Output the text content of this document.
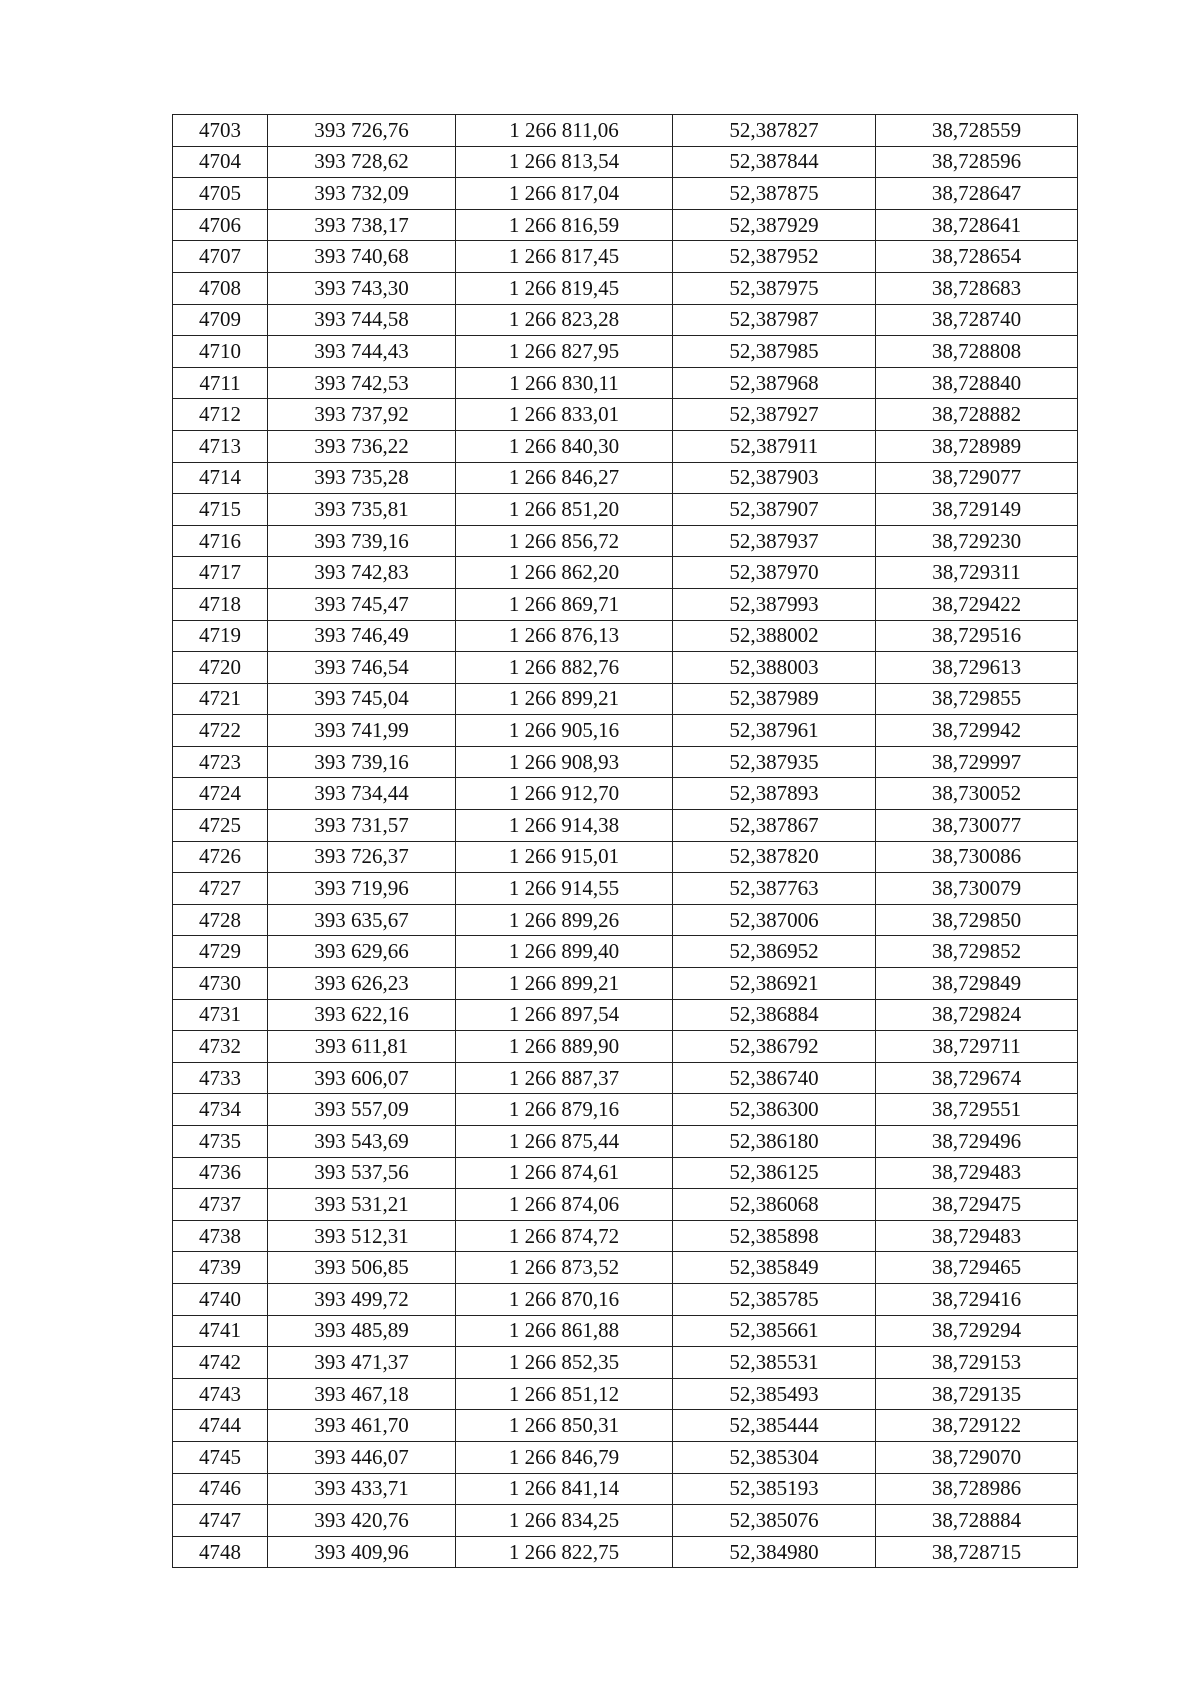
4703	393 726,76	1 266 811,06	52,387827	38,728559
4704	393 728,62	1 266 813,54	52,387844	38,728596
4705	393 732,09	1 266 817,04	52,387875	38,728647
4706	393 738,17	1 266 816,59	52,387929	38,728641
4707	393 740,68	1 266 817,45	52,387952	38,728654
4708	393 743,30	1 266 819,45	52,387975	38,728683
4709	393 744,58	1 266 823,28	52,387987	38,728740
4710	393 744,43	1 266 827,95	52,387985	38,728808
4711	393 742,53	1 266 830,11	52,387968	38,728840
4712	393 737,92	1 266 833,01	52,387927	38,728882
4713	393 736,22	1 266 840,30	52,387911	38,728989
4714	393 735,28	1 266 846,27	52,387903	38,729077
4715	393 735,81	1 266 851,20	52,387907	38,729149
4716	393 739,16	1 266 856,72	52,387937	38,729230
4717	393 742,83	1 266 862,20	52,387970	38,729311
4718	393 745,47	1 266 869,71	52,387993	38,729422
4719	393 746,49	1 266 876,13	52,388002	38,729516
4720	393 746,54	1 266 882,76	52,388003	38,729613
4721	393 745,04	1 266 899,21	52,387989	38,729855
4722	393 741,99	1 266 905,16	52,387961	38,729942
4723	393 739,16	1 266 908,93	52,387935	38,729997
4724	393 734,44	1 266 912,70	52,387893	38,730052
4725	393 731,57	1 266 914,38	52,387867	38,730077
4726	393 726,37	1 266 915,01	52,387820	38,730086
4727	393 719,96	1 266 914,55	52,387763	38,730079
4728	393 635,67	1 266 899,26	52,387006	38,729850
4729	393 629,66	1 266 899,40	52,386952	38,729852
4730	393 626,23	1 266 899,21	52,386921	38,729849
4731	393 622,16	1 266 897,54	52,386884	38,729824
4732	393 611,81	1 266 889,90	52,386792	38,729711
4733	393 606,07	1 266 887,37	52,386740	38,729674
4734	393 557,09	1 266 879,16	52,386300	38,729551
4735	393 543,69	1 266 875,44	52,386180	38,729496
4736	393 537,56	1 266 874,61	52,386125	38,729483
4737	393 531,21	1 266 874,06	52,386068	38,729475
4738	393 512,31	1 266 874,72	52,385898	38,729483
4739	393 506,85	1 266 873,52	52,385849	38,729465
4740	393 499,72	1 266 870,16	52,385785	38,729416
4741	393 485,89	1 266 861,88	52,385661	38,729294
4742	393 471,37	1 266 852,35	52,385531	38,729153
4743	393 467,18	1 266 851,12	52,385493	38,729135
4744	393 461,70	1 266 850,31	52,385444	38,729122
4745	393 446,07	1 266 846,79	52,385304	38,729070
4746	393 433,71	1 266 841,14	52,385193	38,728986
4747	393 420,76	1 266 834,25	52,385076	38,728884
4748	393 409,96	1 266 822,75	52,384980	38,728715
